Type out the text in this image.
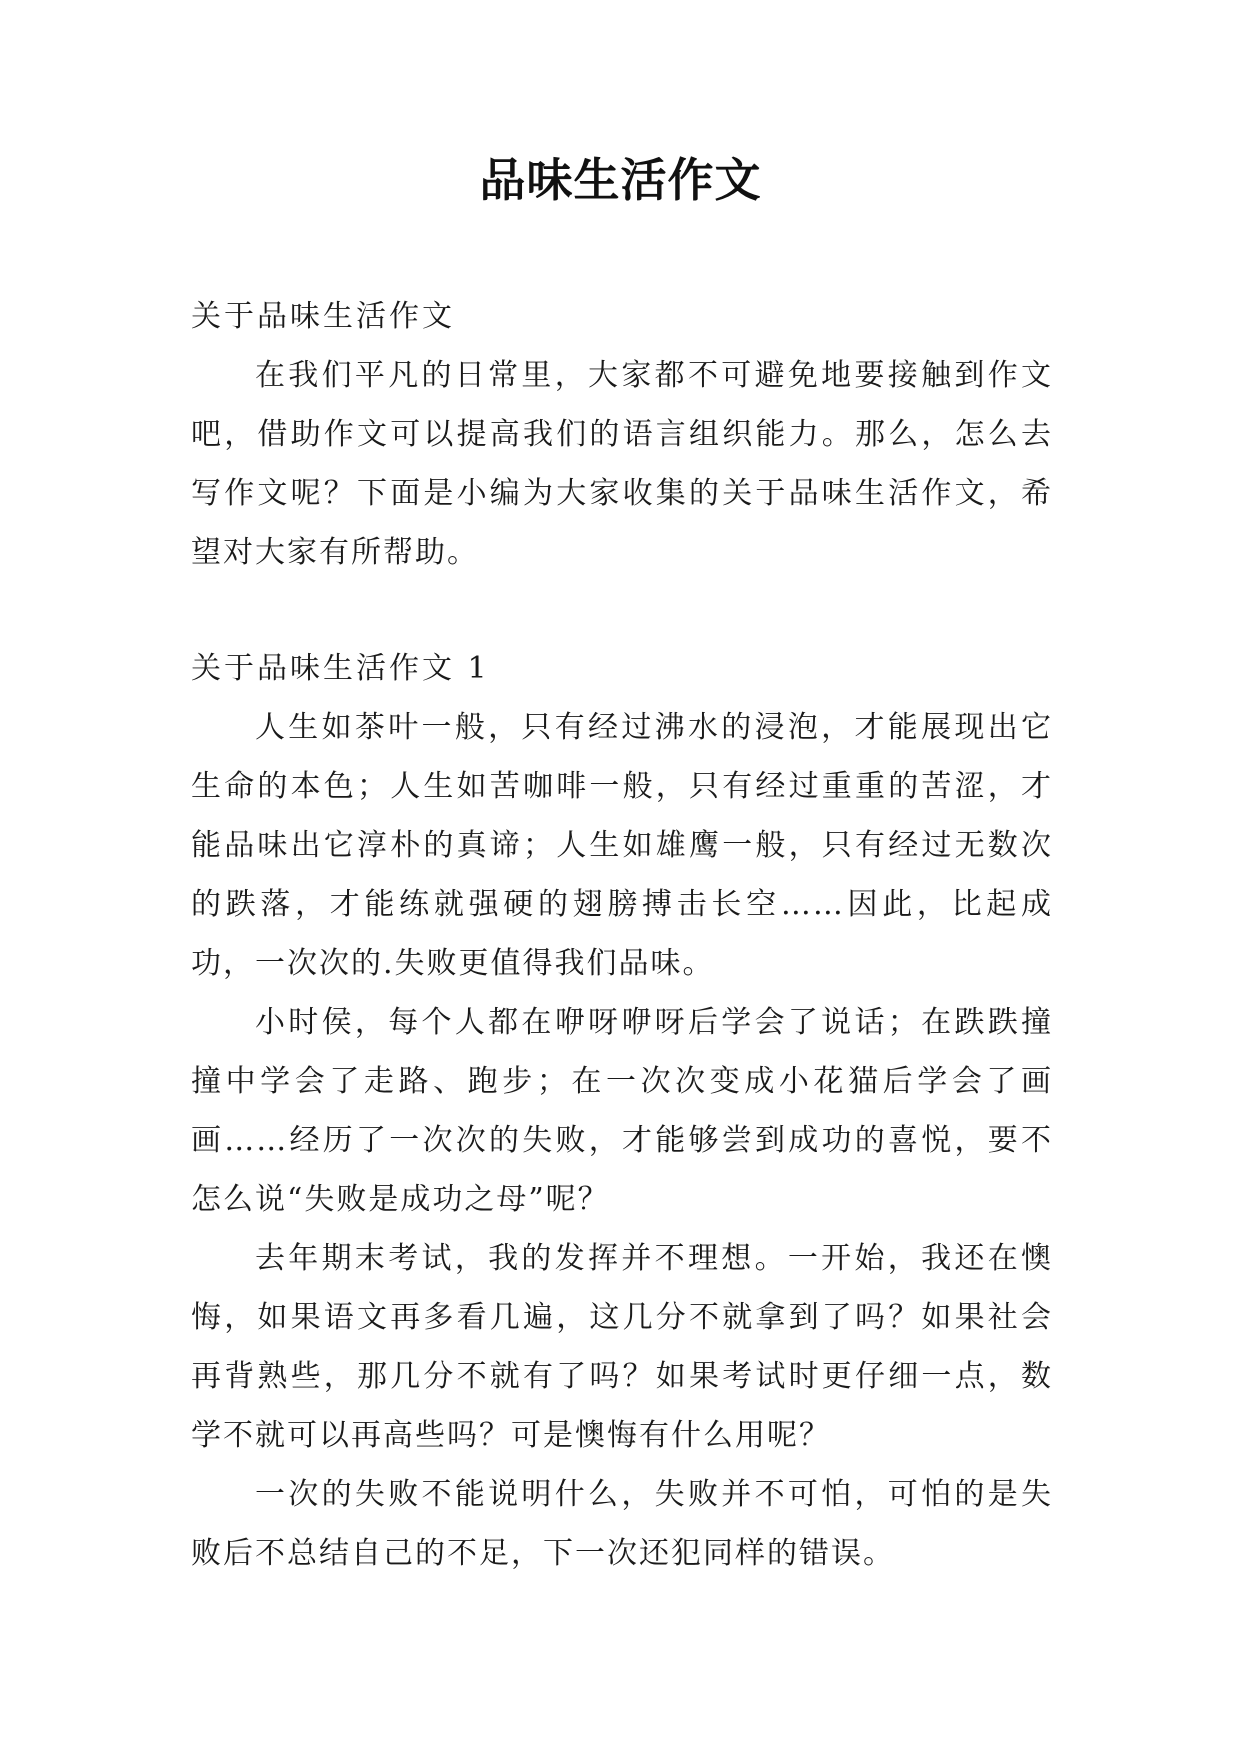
品味生活作文

关于品味生活作文

在我们平凡的日常里，大家都不可避免地要接触到作文吧，借助作文可以提高我们的语言组织能力。那么，怎么去写作文呢？下面是小编为大家收集的关于品味生活作文，希望对大家有所帮助。

关于品味生活作文 1

人生如茶叶一般，只有经过沸水的浸泡，才能展现出它生命的本色；人生如苦咖啡一般，只有经过重重的苦涩，才能品味出它淳朴的真谛；人生如雄鹰一般，只有经过无数次的跌落，才能练就强硬的翅膀搏击长空……因此，比起成功，一次次的.失败更值得我们品味。

小时侯，每个人都在咿呀咿呀后学会了说话；在跌跌撞撞中学会了走路、跑步；在一次次变成小花猫后学会了画画……经历了一次次的失败，才能够尝到成功的喜悦，要不怎么说“失败是成功之母”呢？

去年期末考试，我的发挥并不理想。一开始，我还在懊悔，如果语文再多看几遍，这几分不就拿到了吗？如果社会再背熟些，那几分不就有了吗？如果考试时更仔细一点，数学不就可以再高些吗？可是懊悔有什么用呢？

一次的失败不能说明什么，失败并不可怕，可怕的是失败后不总结自己的不足，下一次还犯同样的错误。
